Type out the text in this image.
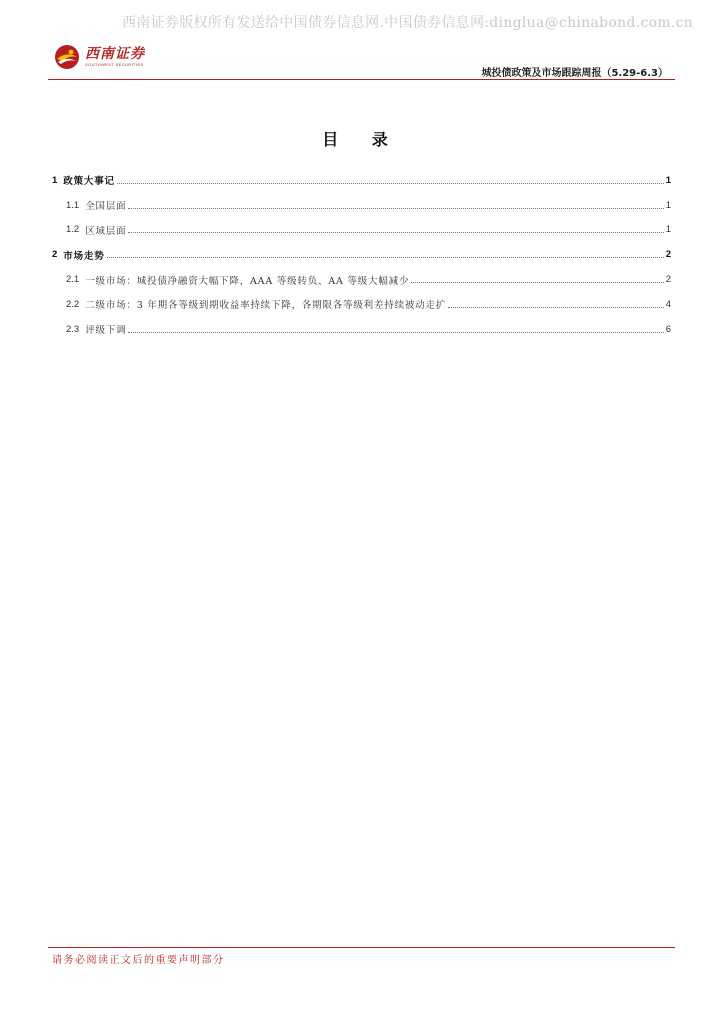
西南证券版权所有发送给中国债券信息网.中国债券信息网:dinglua@chinabond.com.cn
西南证券
SOUTHWEST SECURITIES
城投债政策及市场跟踪周报（5.29-6.3）
目 录
1 政策大事记	1
1.1 全国层面	1
1.2 区域层面	1
2 市场走势	2
2.1 一级市场：城投债净融资大幅下降，AAA 等级转负、AA 等级大幅减少	2
2.2 二级市场：3 年期各等级到期收益率持续下降，各期限各等级利差持续被动走扩	4
2.3 评级下调	6
请务必阅读正文后的重要声明部分
